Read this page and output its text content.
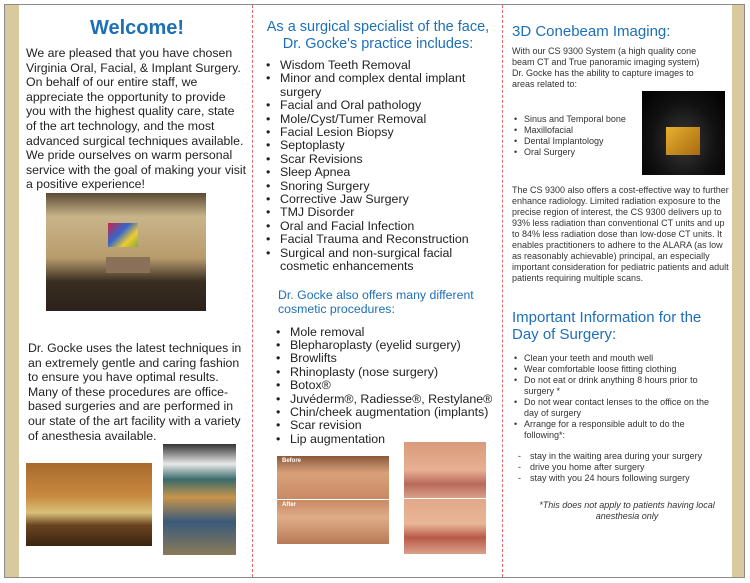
Welcome!
We are pleased that you have chosen Virginia Oral, Facial, & Implant Surgery. On behalf of our entire staff, we appreciate the opportunity to provide you with the highest quality care, state of the art technology, and the most advanced surgical techniques available. We pride ourselves on warm personal service with the goal of making your visit a positive experience!
Dr. Gocke uses the latest techniques in an extremely gentle and caring fashion to ensure you have optimal results. Many of these procedures are office-based surgeries and are performed in our state of the art facility with a variety of anesthesia available.
As a surgical specialist of the face, Dr. Gocke's practice includes:
• Wisdom Teeth Removal
• Minor and complex dental implant surgery
• Facial and Oral pathology
• Mole/Cyst/Tumer Removal
• Facial Lesion Biopsy
• Septoplasty
• Scar Revisions
• Sleep Apnea
• Snoring Surgery
• Corrective Jaw Surgery
• TMJ Disorder
• Oral and Facial Infection
• Facial Trauma and Reconstruction
• Surgical and non-surgical facial cosmetic enhancements
Dr. Gocke also offers many different cosmetic procedures:
• Mole removal
• Blepharoplasty (eyelid surgery)
• Browlifts
• Rhinoplasty (nose surgery)
• Botox®
• Juvéderm®, Radiesse®, Restylane®
• Chin/cheek augmentation (implants)
• Scar revision
• Lip augmentation
Before
After
3D Conebeam Imaging:
With our CS 9300 System (a high quality cone beam CT and True panoramic imaging system) Dr. Gocke has the ability to capture images to areas related to:
• Sinus and Temporal bone
• Maxillofacial
• Dental Implantology
• Oral Surgery
The CS 9300 also offers a cost-effective way to further enhance radiology. Limited radiation exposure to the precise region of interest, the CS 9300 delivers up to 93% less radiation than conventional CT units and up to 84% less radiation dose than low-dose CT units. It enables practitioners to adhere to the ALARA (as low as reasonably achievable) principal, an especially important consideration for pediatric patients and adult patients requiring multiple scans.
Important Information for the Day of Surgery:
• Clean your teeth and mouth well
• Wear comfortable loose fitting clothing
• Do not eat or drink anything 8 hours prior to surgery *
• Do not wear contact lenses to the office on the day of surgery
• Arrange for a responsible adult to do the following*:
- stay in the waiting area during your surgery
- drive you home after surgery
- stay with you 24 hours following surgery
*This does not apply to patients having local anesthesia only
